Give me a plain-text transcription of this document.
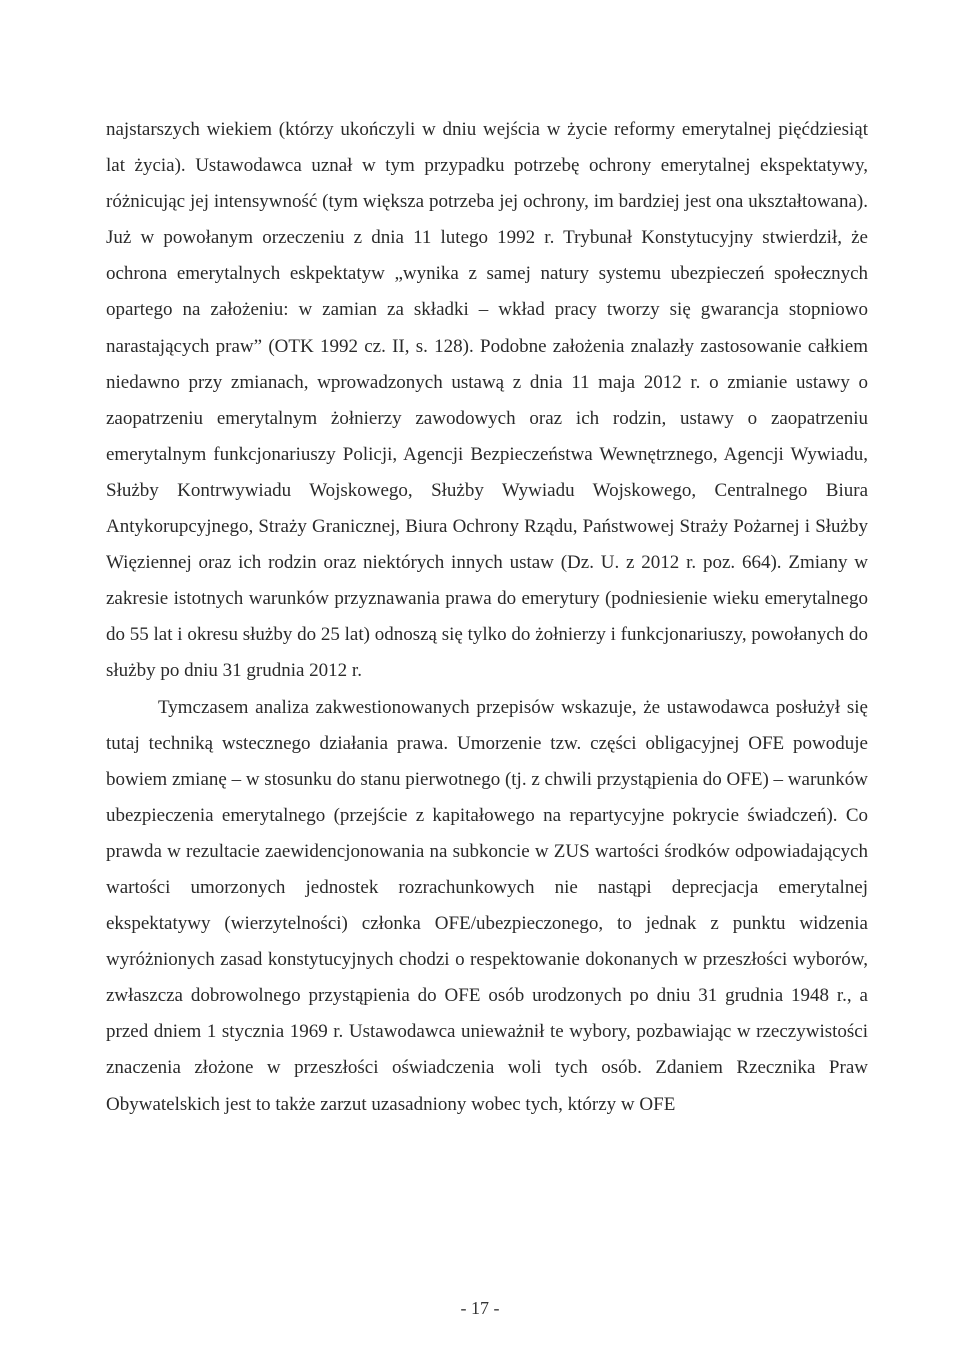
najstarszych wiekiem (którzy ukończyli w dniu wejścia w życie reformy emerytalnej pięćdziesiąt lat życia). Ustawodawca uznał w tym przypadku potrzebę ochrony emerytalnej ekspektatywy, różnicując jej intensywność (tym większa potrzeba jej ochrony, im bardziej jest ona ukształtowana). Już w powołanym orzeczeniu z dnia 11 lutego 1992 r. Trybunał Konstytucyjny stwierdził, że ochrona emerytalnych eskpektatyw „wynika z samej natury systemu ubezpieczeń społecznych opartego na założeniu: w zamian za składki – wkład pracy tworzy się gwarancja stopniowo narastających praw” (OTK 1992 cz. II, s. 128). Podobne założenia znalazły zastosowanie całkiem niedawno przy zmianach, wprowadzonych ustawą z dnia 11 maja 2012 r. o zmianie ustawy o zaopatrzeniu emerytalnym żołnierzy zawodowych oraz ich rodzin, ustawy o zaopatrzeniu emerytalnym funkcjonariuszy Policji, Agencji Bezpieczeństwa Wewnętrznego, Agencji Wywiadu, Służby Kontrwywiadu Wojskowego, Służby Wywiadu Wojskowego, Centralnego Biura Antykorupcyjnego, Straży Granicznej, Biura Ochrony Rządu, Państwowej Straży Pożarnej i Służby Więziennej oraz ich rodzin oraz niektórych innych ustaw (Dz. U. z 2012 r. poz. 664). Zmiany w zakresie istotnych warunków przyznawania prawa do emerytury (podniesienie wieku emerytalnego do 55 lat i okresu służby do 25 lat) odnoszą się tylko do żołnierzy i funkcjonariuszy, powołanych do służby po dniu 31 grudnia 2012 r.

Tymczasem analiza zakwestionowanych przepisów wskazuje, że ustawodawca posłużył się tutaj techniką wstecznego działania prawa. Umorzenie tzw. części obligacyjnej OFE powoduje bowiem zmianę – w stosunku do stanu pierwotnego (tj. z chwili przystąpienia do OFE) – warunków ubezpieczenia emerytalnego (przejście z kapitałowego na repartycyjne pokrycie świadczeń). Co prawda w rezultacie zaewidencjonowania na subkoncie w ZUS wartości środków odpowiadających wartości umorzonych jednostek rozrachunkowych nie nastąpi deprecjacja emerytalnej ekspektatywy (wierzytelności) członka OFE/ubezpieczonego, to jednak z punktu widzenia wyróżnionych zasad konstytucyjnych chodzi o respektowanie dokonanych w przeszłości wyborów, zwłaszcza dobrowolnego przystąpienia do OFE osób urodzonych po dniu 31 grudnia 1948 r., a przed dniem 1 stycznia 1969 r. Ustawodawca unieważnił te wybory, pozbawiając w rzeczywistości znaczenia złożone w przeszłości oświadczenia woli tych osób. Zdaniem Rzecznika Praw Obywatelskich jest to także zarzut uzasadniony wobec tych, którzy w OFE

- 17 -
